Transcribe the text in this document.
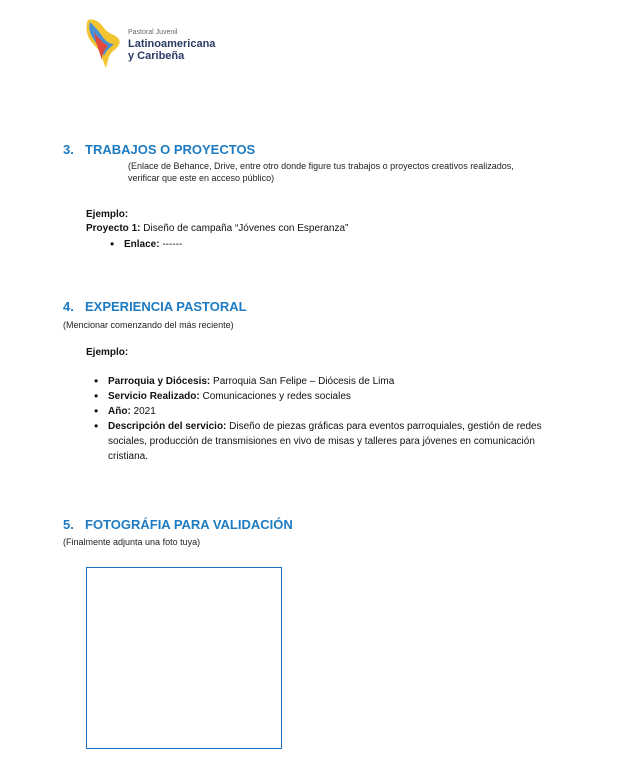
Pastoral Juvenil
Latinoamericana
y Caribeña
3. TRABAJOS O PROYECTOS
(Enlace de Behance, Drive, entre otro donde figure tus trabajos o proyectos creativos realizados,
verificar que este en acceso público)
Ejemplo:
Proyecto 1: Diseño de campaña “Jóvenes con Esperanza”
• Enlace: ------
4. EXPERIENCIA PASTORAL
(Mencionar comenzando del más reciente)
Ejemplo:
• Parroquia y Diócesis: Parroquia San Felipe – Diócesis de Lima
• Servicio Realizado: Comunicaciones y redes sociales
• Año: 2021
• Descripción del servicio: Diseño de piezas gráficas para eventos parroquiales, gestión de redes sociales, producción de transmisiones en vivo de misas y talleres para jóvenes en comunicación cristiana.
5. FOTOGRÁFIA PARA VALIDACIÓN
(Finalmente adjunta una foto tuya)
